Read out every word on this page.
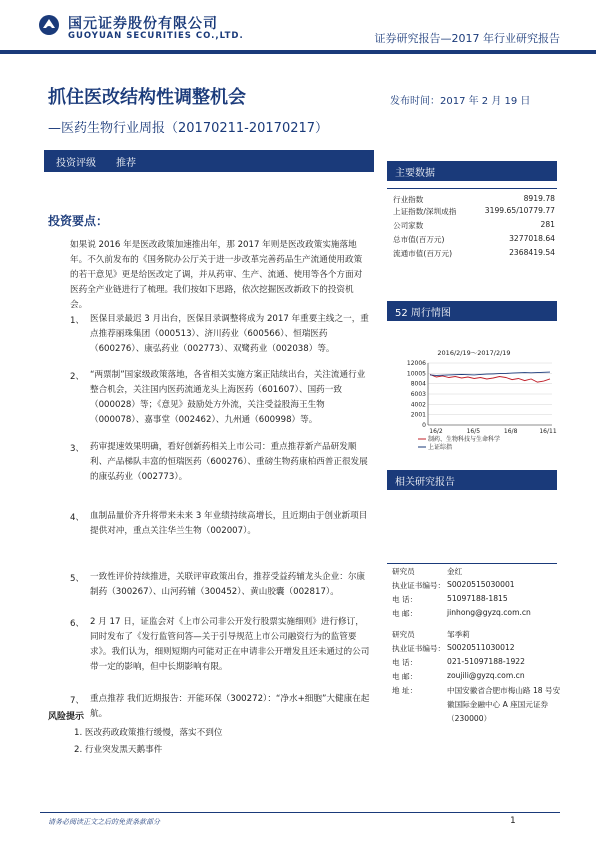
国元证券股份有限公司
GUOYUAN SECURITIES CO.,LTD.	证券研究报告—2017 年行业研究报告
抓住医改结构性调整机会
—医药生物行业周报（20170211-20170217）
发布时间：2017 年 2 月 19 日
投资评级 推荐
投资要点：
如果说 2016 年是医改政策加速推出年，那 2017 年则是医改政策实施落地年。不久前发布的《国务院办公厅关于进一步改革完善药品生产流通使用政策的若干意见》更是给医改定了调，并从药审、生产、流通、使用等各个方面对医药全产业链进行了梳理。我们按如下思路，依次挖掘医改新政下的投资机会。
1、 医保目录最迟 3 月出台，医保目录调整将成为 2017 年重要主线之一，重点推荐丽珠集团（000513）、济川药业（600566）、恒瑞医药（600276）、康弘药业（002773）、双鹭药业（002038）等。
2、 “两票制”国家级政策落地，各省相关实施方案正陆续出台，关注流通行业整合机会，关注国内医药流通龙头上海医药（601607）、国药一致（000028）等；《意见》鼓励处方外流，关注受益股海王生物（000078）、嘉事堂（002462）、九州通（600998）等。
3、 药审提速效果明确，看好创新药相关上市公司：重点推荐新产品研发顺利、产品梯队丰富的恒瑞医药（600276）、重磅生物药康柏西普正很发展的康弘药业（002773）。
4、 血制品量价齐升将带来未来 3 年业绩持续高增长，且近期由于创业新项目提供对冲，重点关注华兰生物（002007）。
5、 一致性评价持续推进，关联评审政策出台，推荐受益药辅龙头企业：尔康制药（300267）、山河药辅（300452）、黄山胶囊（002817）。
6、 2 月 17 日，证监会对《上市公司非公开发行股票实施细则》进行修订，同时发布了《发行监管问答—关于引导规范上市公司融资行为的监管要求》。我们认为，细则短期内可能对正在申请非公开增发且还未通过的公司带一定的影响，但中长期影响有限。
7、 重点推荐 我们近期报告：开能环保（300272）：“净水+细胞”大健康在起航。
风险提示
1. 医改药政政策推行缓慢，落实不到位
2. 行业突发黑天鹅事件
主要数据
行业指数	8919.78
上证指数/深圳成指	3199.65/10779.77
公司家数	281
总市值(百万元)	3277018.64
流通市值(百万元)	2368419.54
52 周行情图
2016/2/19～2017/2/19
0
2001
4002
6003
8004
10005
12006
16/2	16/5	16/8	16/11
制药、生物科技与生命科学
上证综指
相关研究报告
研究员	金红
执业证书编号： S0020515030001
电 话：	51097188-1815
电 邮：	jinhong@gyzq.com.cn
研究员	邹季莉
执业证书编号： S0020511030012
电 话：	021-51097188-1922
电 邮：	zoujili@gyzq.com.cn
地 址：	中国安徽省合肥市梅山路 18 号安
徽国际金融中心 A 座国元证券
（230000）
请务必阅读正文之后的免责条款部分	1
